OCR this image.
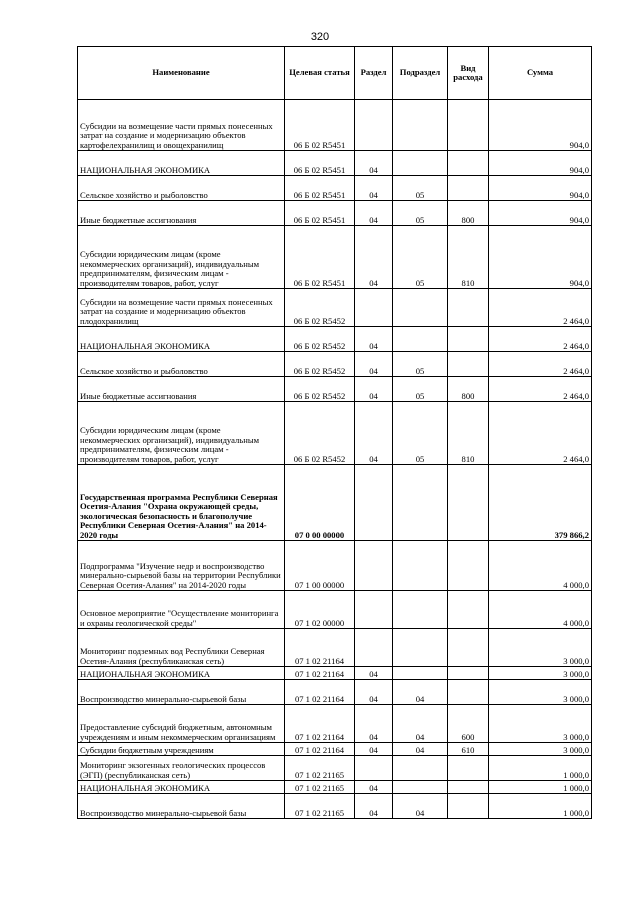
320
Наименование	Целевая статья	Раздел	Подраздел	Вид расхода	Сумма
Субсидии на возмещение части прямых понесенных затрат на создание и модернизацию объектов картофелехранилищ и овощехранилищ	06 Б 02 R5451				904,0
НАЦИОНАЛЬНАЯ ЭКОНОМИКА	06 Б 02 R5451	04			904,0
Сельское хозяйство и рыболовство	06 Б 02 R5451	04	05		904,0
Иные бюджетные ассигнования	06 Б 02 R5451	04	05	800	904,0
Субсидии юридическим лицам (кроме некоммерческих организаций), индивидуальным предпринимателям, физическим лицам - производителям товаров, работ, услуг	06 Б 02 R5451	04	05	810	904,0
Субсидии на возмещение части прямых понесенных затрат на создание и модернизацию объектов плодохранилищ	06 Б 02 R5452				2 464,0
НАЦИОНАЛЬНАЯ ЭКОНОМИКА	06 Б 02 R5452	04			2 464,0
Сельское хозяйство и рыболовство	06 Б 02 R5452	04	05		2 464,0
Иные бюджетные ассигнования	06 Б 02 R5452	04	05	800	2 464,0
Субсидии юридическим лицам (кроме некоммерческих организаций), индивидуальным предпринимателям, физическим лицам - производителям товаров, работ, услуг	06 Б 02 R5452	04	05	810	2 464,0
Государственная программа Республики Северная Осетия-Алания "Охрана окружающей среды, экологическая безопасность и благополучие Республики Северная Осетия-Алания" на 2014-2020 годы	07 0 00 00000				379 866,2
Подпрограмма "Изучение недр и воспроизводство минерально-сырьевой базы на территории Республики Северная Осетия-Алания" на 2014-2020 годы	07 1 00 00000				4 000,0
Основное мероприятие "Осуществление мониторинга и охраны геологической среды"	07 1 02 00000				4 000,0
Мониторинг подземных вод Республики Северная Осетия-Алания (республиканская сеть)	07 1 02 21164				3 000,0
НАЦИОНАЛЬНАЯ ЭКОНОМИКА	07 1 02 21164	04			3 000,0
Воспроизводство минерально-сырьевой базы	07 1 02 21164	04	04		3 000,0
Предоставление субсидий бюджетным, автономным учреждениям и иным некоммерческим организациям	07 1 02 21164	04	04	600	3 000,0
Субсидии бюджетным учреждениям	07 1 02 21164	04	04	610	3 000,0
Мониторинг экзогенных геологических процессов (ЭГП) (республиканская сеть)	07 1 02 21165				1 000,0
НАЦИОНАЛЬНАЯ ЭКОНОМИКА	07 1 02 21165	04			1 000,0
Воспроизводство минерально-сырьевой базы	07 1 02 21165	04	04		1 000,0
